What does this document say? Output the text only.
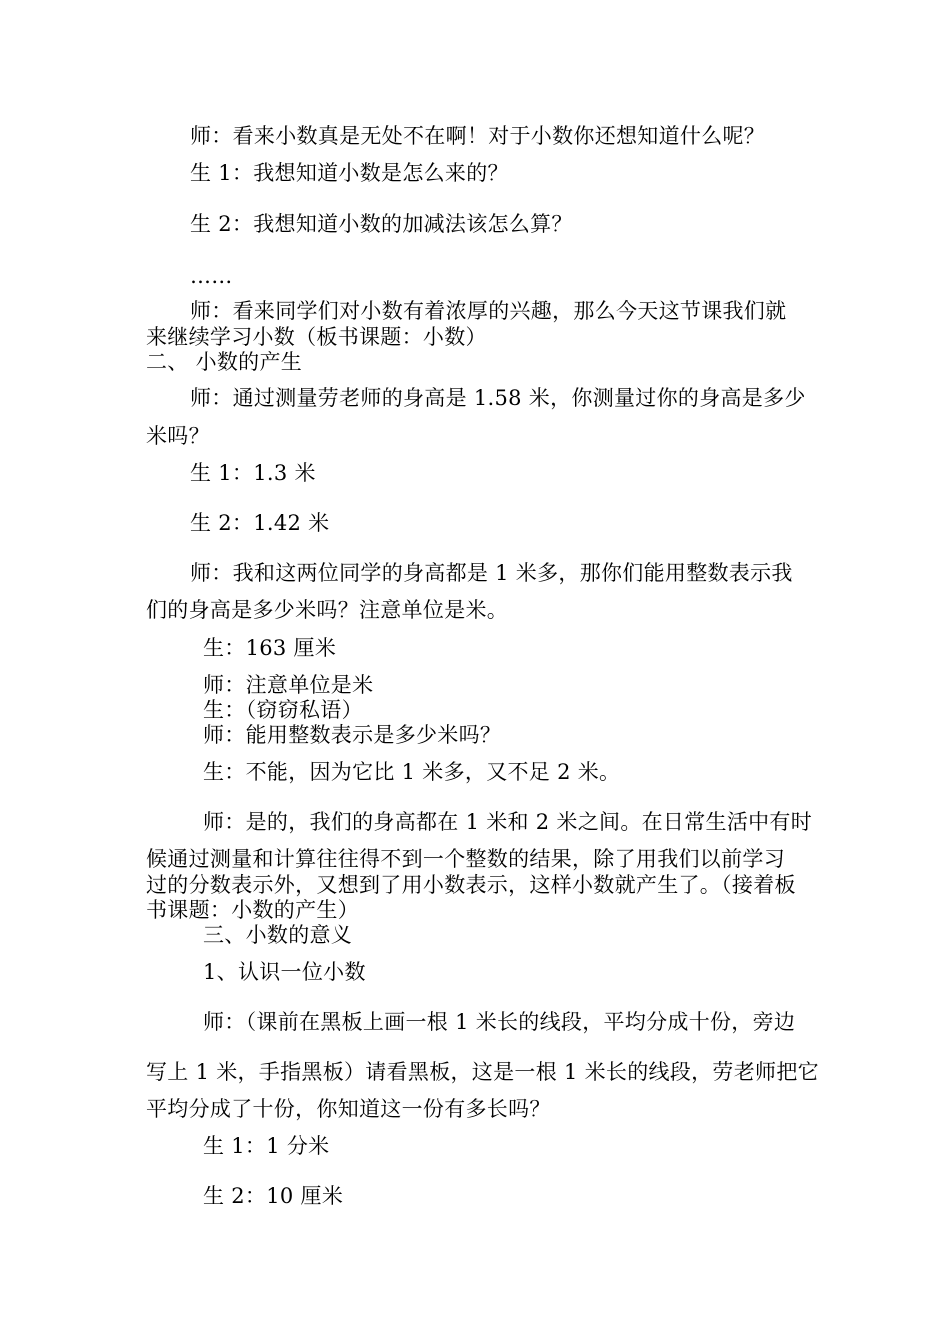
师：看来小数真是无处不在啊！对于小数你还想知道什么呢？
生 1：我想知道小数是怎么来的？
生 2：我想知道小数的加减法该怎么算？
……
师：看来同学们对小数有着浓厚的兴趣，那么今天这节课我们就
来继续学习小数（板书课题：小数）
二、 小数的产生
师：通过测量劳老师的身高是 1.58 米，你测量过你的身高是多少
米吗？
生 1：1.3 米
生 2：1.42 米
师：我和这两位同学的身高都是 1 米多，那你们能用整数表示我
们的身高是多少米吗？注意单位是米。
生：163 厘米
师：注意单位是米
生：（窃窃私语）
师：能用整数表示是多少米吗？
生：不能，因为它比 1 米多，又不足 2 米。
师：是的，我们的身高都在 1 米和 2 米之间。在日常生活中有时
候通过测量和计算往往得不到一个整数的结果，除了用我们以前学习
过的分数表示外，又想到了用小数表示，这样小数就产生了。（接着板
书课题：小数的产生）
三、小数的意义
1、认识一位小数
师：（课前在黑板上画一根 1 米长的线段，平均分成十份，旁边
写上 1 米，手指黑板）请看黑板，这是一根 1 米长的线段，劳老师把它
平均分成了十份，你知道这一份有多长吗？
生 1：1 分米
生 2：10 厘米
